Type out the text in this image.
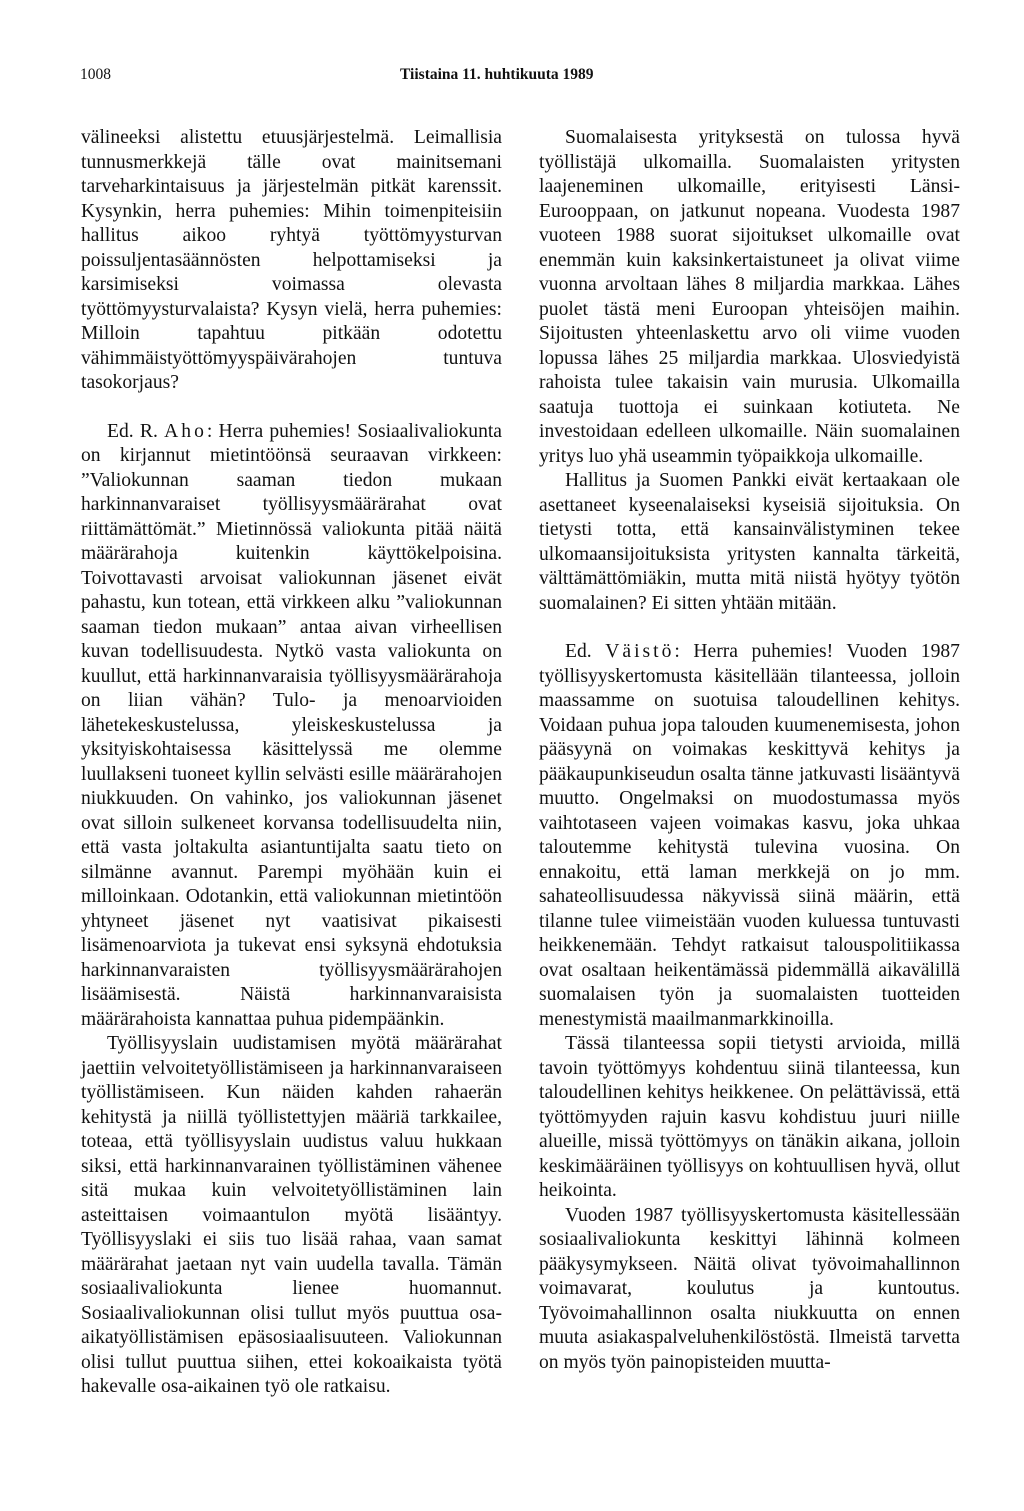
1008	Tiistaina 11. huhtikuuta 1989

välineeksi alistettu etuusjärjestelmä. Leimallisia tunnusmerkkejä tälle ovat mainitsemani tarveharkintaisuus ja järjestelmän pitkät karenssit. Kysynkin, herra puhemies: Mihin toimenpiteisiin hallitus aikoo ryhtyä työttömyysturvan poissuljentasäännösten helpottamiseksi ja karsimiseksi voimassa olevasta työttömyysturvalaista? Kysyn vielä, herra puhemies: Milloin tapahtuu pitkään odotettu vähimmäistyöttömyyspäivärahojen tuntuva tasokorjaus?

Ed. R. Aho: Herra puhemies! Sosiaalivaliokunta on kirjannut mietintöönsä seuraavan virkkeen: ”Valiokunnan saaman tiedon mukaan harkinnanvaraiset työllisyysmäärärahat ovat riittämättömät.” Mietinnössä valiokunta pitää näitä määrärahoja kuitenkin käyttökelpoisina. Toivottavasti arvoisat valiokunnan jäsenet eivät pahastu, kun totean, että virkkeen alku ”valiokunnan saaman tiedon mukaan” antaa aivan virheellisen kuvan todellisuudesta. Nytkö vasta valiokunta on kuullut, että harkinnanvaraisia työllisyysmäärärahoja on liian vähän? Tulo- ja menoarvioiden lähetekeskustelussa, yleiskeskustelussa ja yksityiskohtaisessa käsittelyssä me olemme luullakseni tuoneet kyllin selvästi esille määrärahojen niukkuuden. On vahinko, jos valiokunnan jäsenet ovat silloin sulkeneet korvansa todellisuudelta niin, että vasta joltakulta asiantuntijalta saatu tieto on silmänne avannut. Parempi myöhään kuin ei milloinkaan. Odotankin, että valiokunnan mietintöön yhtyneet jäsenet nyt vaatisivat pikaisesti lisämenoarviota ja tukevat ensi syksynä ehdotuksia harkinnanvaraisten työllisyysmäärärahojen lisäämisestä. Näistä harkinnanvaraisista määrärahoista kannattaa puhua pidempäänkin.

Työllisyyslain uudistamisen myötä määrärahat jaettiin velvoitetyöllistämiseen ja harkinnanvaraiseen työllistämiseen. Kun näiden kahden rahaerän kehitystä ja niillä työllistettyjen määriä tarkkailee, toteaa, että työllisyyslain uudistus valuu hukkaan siksi, että harkinnanvarainen työllistäminen vähenee sitä mukaa kuin velvoitetyöllistäminen lain asteittaisen voimaantulon myötä lisääntyy. Työllisyyslaki ei siis tuo lisää rahaa, vaan samat määrärahat jaetaan nyt vain uudella tavalla. Tämän sosiaalivaliokunta lienee huomannut. Sosiaalivaliokunnan olisi tullut myös puuttua osa-aikatyöllistämisen epäsosiaalisuuteen. Valiokunnan olisi tullut puuttua siihen, ettei kokoaikaista työtä hakevalle osa-aikainen työ ole ratkaisu.

Suomalaisesta yrityksestä on tulossa hyvä työllistäjä ulkomailla. Suomalaisten yritysten laajeneminen ulkomaille, erityisesti Länsi-Eurooppaan, on jatkunut nopeana. Vuodesta 1987 vuoteen 1988 suorat sijoitukset ulkomaille ovat enemmän kuin kaksinkertaistuneet ja olivat viime vuonna arvoltaan lähes 8 miljardia markkaa. Lähes puolet tästä meni Euroopan yhteisöjen maihin. Sijoitusten yhteenlaskettu arvo oli viime vuoden lopussa lähes 25 miljardia markkaa. Ulosviedyistä rahoista tulee takaisin vain murusia. Ulkomailla saatuja tuottoja ei suinkaan kotiuteta. Ne investoidaan edelleen ulkomaille. Näin suomalainen yritys luo yhä useammin työpaikkoja ulkomaille.

Hallitus ja Suomen Pankki eivät kertaakaan ole asettaneet kyseenalaiseksi kyseisiä sijoituksia. On tietysti totta, että kansainvälistyminen tekee ulkomaansijoituksista yritysten kannalta tärkeitä, välttämättömiäkin, mutta mitä niistä hyötyy työtön suomalainen? Ei sitten yhtään mitään.

Ed. Väistö: Herra puhemies! Vuoden 1987 työllisyyskertomusta käsitellään tilanteessa, jolloin maassamme on suotuisa taloudellinen kehitys. Voidaan puhua jopa talouden kuumenemisesta, johon pääsyynä on voimakas keskittyvä kehitys ja pääkaupunkiseudun osalta tänne jatkuvasti lisääntyvä muutto. Ongelmaksi on muodostumassa myös vaihtotaseen vajeen voimakas kasvu, joka uhkaa taloutemme kehitystä tulevina vuosina. On ennakoitu, että laman merkkejä on jo mm. sahateollisuudessa näkyvissä siinä määrin, että tilanne tulee viimeistään vuoden kuluessa tuntuvasti heikkenemään. Tehdyt ratkaisut talouspolitiikassa ovat osaltaan heikentämässä pidemmällä aikavälillä suomalaisen työn ja suomalaisten tuotteiden menestymistä maailmanmarkkinoilla.

Tässä tilanteessa sopii tietysti arvioida, millä tavoin työttömyys kohdentuu siinä tilanteessa, kun taloudellinen kehitys heikkenee. On pelättävissä, että työttömyyden rajuin kasvu kohdistuu juuri niille alueille, missä työttömyys on tänäkin aikana, jolloin keskimääräinen työllisyys on kohtuullisen hyvä, ollut heikointa.

Vuoden 1987 työllisyyskertomusta käsitellessään sosiaalivaliokunta keskittyi lähinnä kolmeen pääkysymykseen. Näitä olivat työvoimahallinnon voimavarat, koulutus ja kuntoutus. Työvoimahallinnon osalta niukkuutta on ennen muuta asiakaspalveluhenkilöstöstä. Ilmeistä tarvetta on myös työn painopisteiden muutta-
